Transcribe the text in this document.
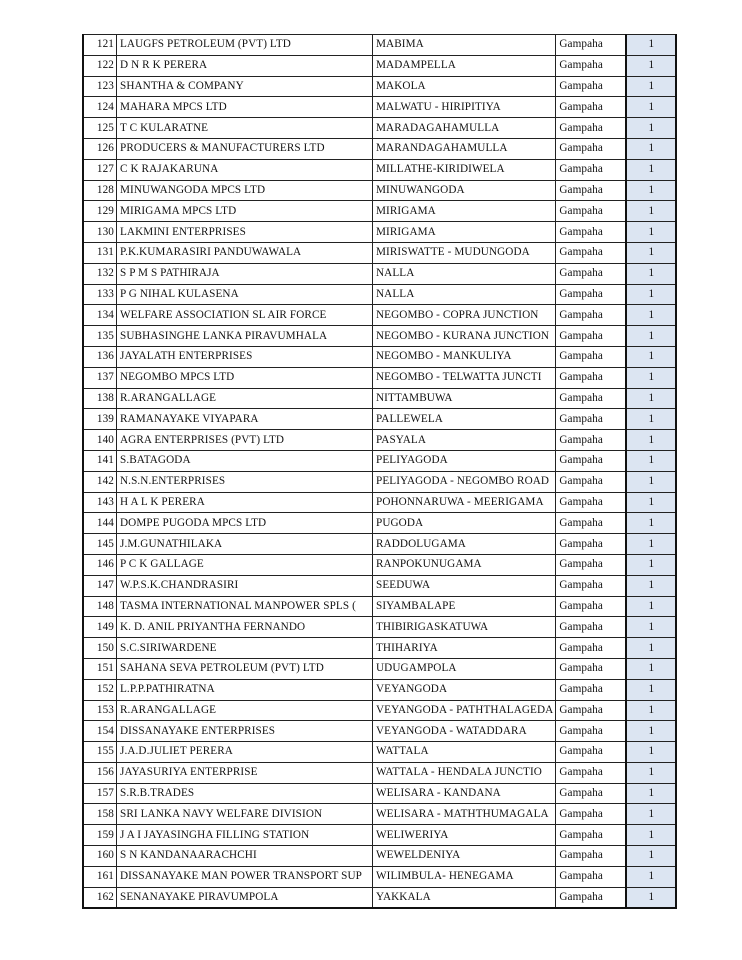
121	LAUGFS PETROLEUM (PVT) LTD	MABIMA	Gampaha	1
122	D N R K PERERA	MADAMPELLA	Gampaha	1
123	SHANTHA & COMPANY	MAKOLA	Gampaha	1
124	MAHARA MPCS LTD	MALWATU - HIRIPITIYA	Gampaha	1
125	T C KULARATNE	MARADAGAHAMULLA	Gampaha	1
126	PRODUCERS & MANUFACTURERS LTD	MARANDAGAHAMULLA	Gampaha	1
127	C K RAJAKARUNA	MILLATHE-KIRIDIWELA	Gampaha	1
128	MINUWANGODA MPCS LTD	MINUWANGODA	Gampaha	1
129	MIRIGAMA MPCS LTD	MIRIGAMA	Gampaha	1
130	LAKMINI ENTERPRISES	MIRIGAMA	Gampaha	1
131	P.K.KUMARASIRI PANDUWAWALA	MIRISWATTE - MUDUNGODA	Gampaha	1
132	S P M S PATHIRAJA	NALLA	Gampaha	1
133	P G NIHAL KULASENA	NALLA	Gampaha	1
134	WELFARE ASSOCIATION SL AIR FORCE	NEGOMBO - COPRA JUNCTION	Gampaha	1
135	SUBHASINGHE LANKA PIRAVUMHALA	NEGOMBO - KURANA JUNCTION	Gampaha	1
136	JAYALATH ENTERPRISES	NEGOMBO - MANKULIYA	Gampaha	1
137	NEGOMBO MPCS LTD	NEGOMBO - TELWATTA JUNCTI	Gampaha	1
138	R.ARANGALLAGE	NITTAMBUWA	Gampaha	1
139	RAMANAYAKE VIYAPARA	PALLEWELA	Gampaha	1
140	AGRA ENTERPRISES (PVT) LTD	PASYALA	Gampaha	1
141	S.BATAGODA	PELIYAGODA	Gampaha	1
142	N.S.N.ENTERPRISES	PELIYAGODA - NEGOMBO ROAD	Gampaha	1
143	H A L K PERERA	POHONNARUWA - MEERIGAMA	Gampaha	1
144	DOMPE PUGODA MPCS LTD	PUGODA	Gampaha	1
145	J.M.GUNATHILAKA	RADDOLUGAMA	Gampaha	1
146	P C K GALLAGE	RANPOKUNUGAMA	Gampaha	1
147	W.P.S.K.CHANDRASIRI	SEEDUWA	Gampaha	1
148	TASMA INTERNATIONAL MANPOWER SPLS (	SIYAMBALAPE	Gampaha	1
149	K. D. ANIL PRIYANTHA FERNANDO	THIBIRIGASKATUWA	Gampaha	1
150	S.C.SIRIWARDENE	THIHARIYA	Gampaha	1
151	SAHANA SEVA PETROLEUM (PVT) LTD	UDUGAMPOLA	Gampaha	1
152	L.P.P.PATHIRATNA	VEYANGODA	Gampaha	1
153	R.ARANGALLAGE	VEYANGODA - PATHTHALAGEDA	Gampaha	1
154	DISSANAYAKE ENTERPRISES	VEYANGODA - WATADDARA	Gampaha	1
155	J.A.D.JULIET PERERA	WATTALA	Gampaha	1
156	JAYASURIYA ENTERPRISE	WATTALA - HENDALA JUNCTIO	Gampaha	1
157	S.R.B.TRADES	WELISARA - KANDANA	Gampaha	1
158	SRI LANKA NAVY WELFARE DIVISION	WELISARA - MATHTHUMAGALA	Gampaha	1
159	J A I JAYASINGHA FILLING STATION	WELIWERIYA	Gampaha	1
160	S N KANDANAARACHCHI	WEWELDENIYA	Gampaha	1
161	DISSANAYAKE MAN POWER TRANSPORT SUP	WILIMBULA- HENEGAMA	Gampaha	1
162	SENANAYAKE PIRAVUMPOLA	YAKKALA	Gampaha	1
